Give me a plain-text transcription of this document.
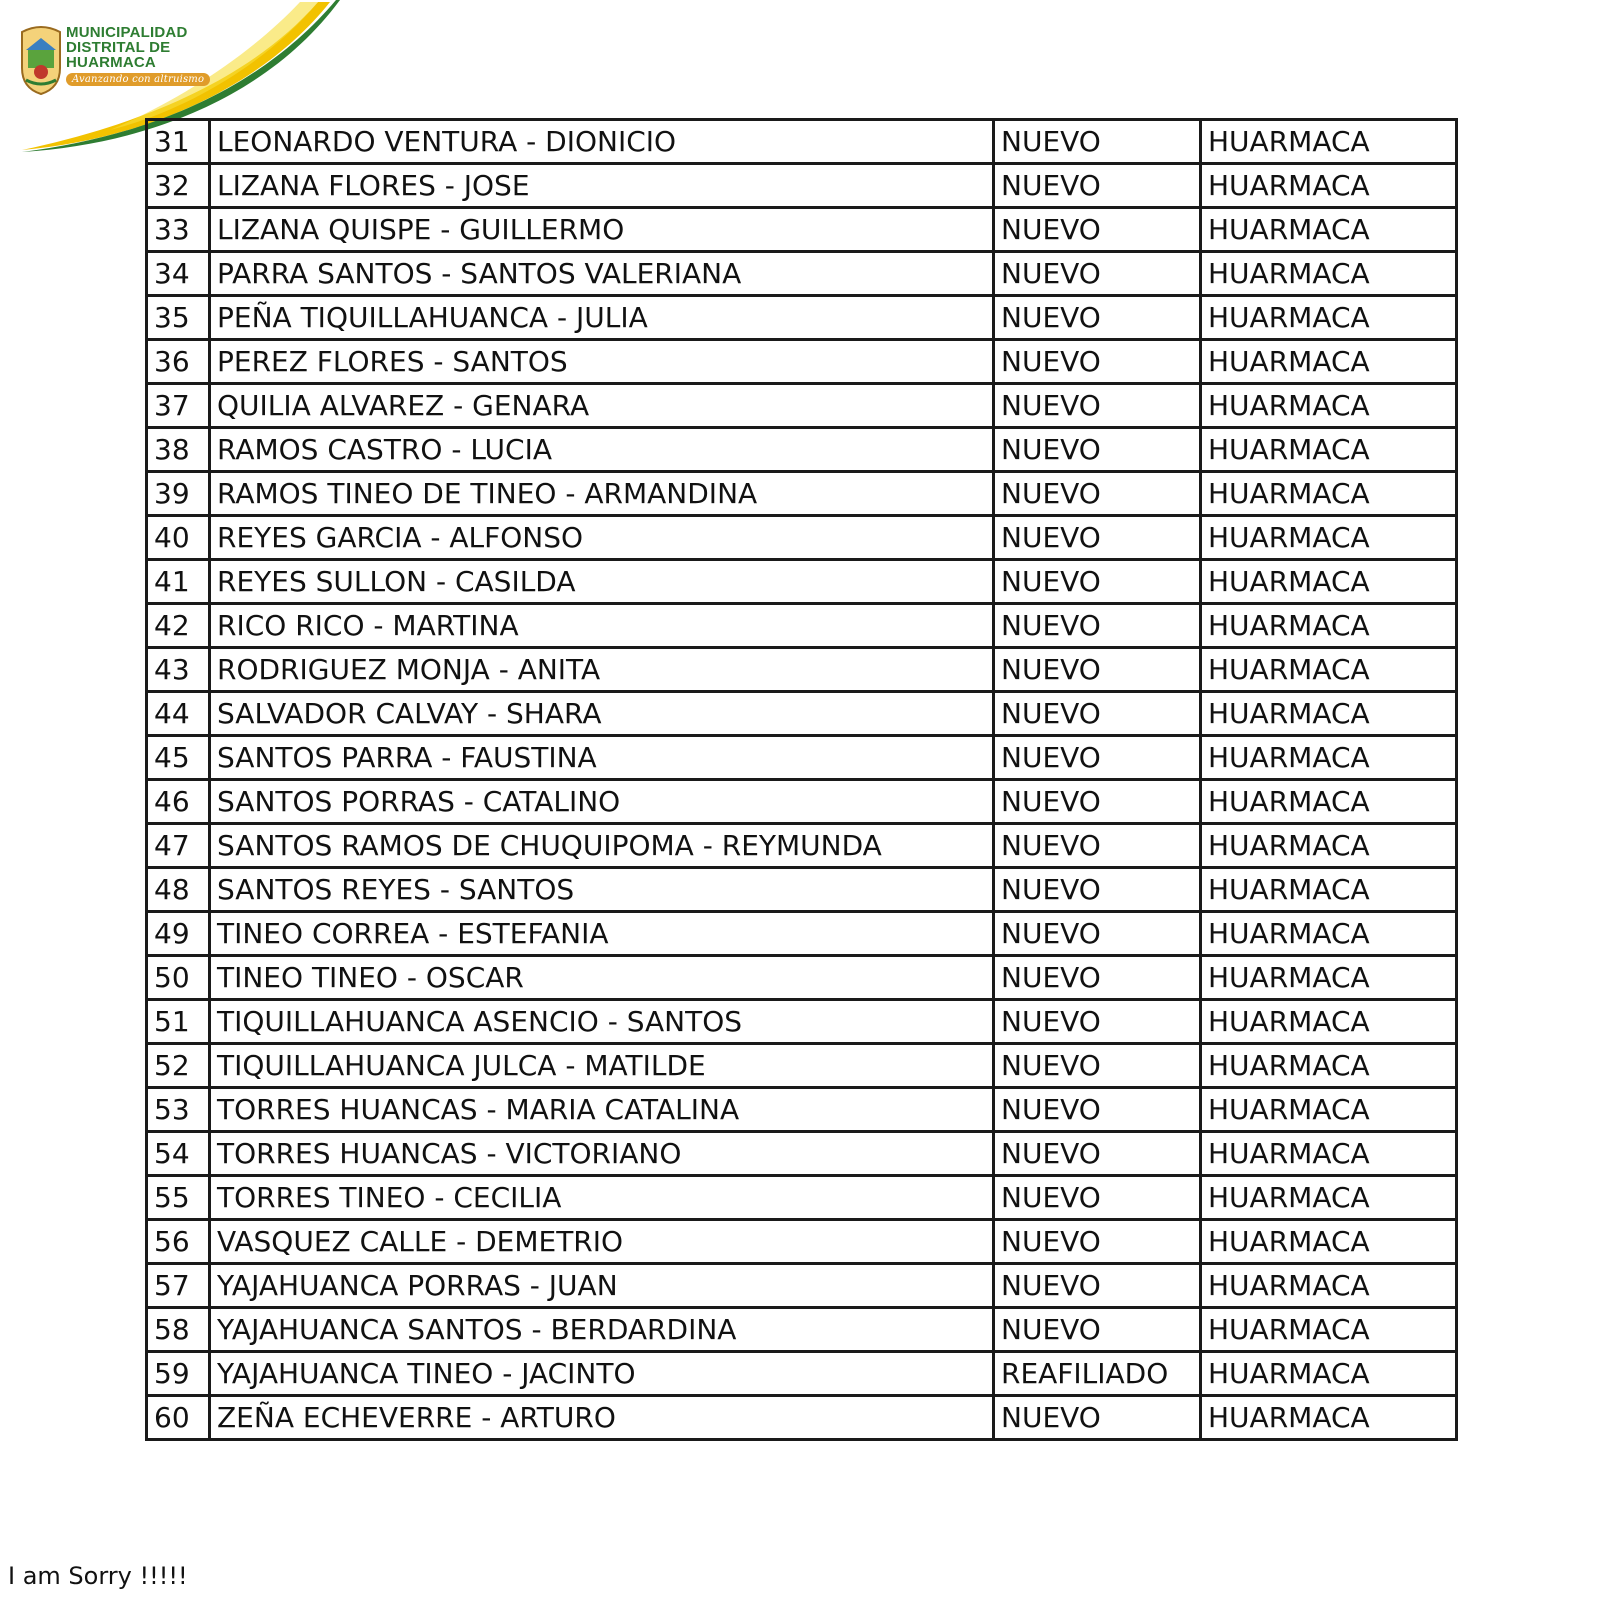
MUNICIPALIDAD
DISTRITAL DE
HUARMACA
Avanzando con altruismo
31	LEONARDO VENTURA - DIONICIO	NUEVO	HUARMACA
32	LIZANA FLORES - JOSE	NUEVO	HUARMACA
33	LIZANA QUISPE - GUILLERMO	NUEVO	HUARMACA
34	PARRA SANTOS - SANTOS VALERIANA	NUEVO	HUARMACA
35	PEÑA TIQUILLAHUANCA - JULIA	NUEVO	HUARMACA
36	PEREZ FLORES - SANTOS	NUEVO	HUARMACA
37	QUILIA ALVAREZ - GENARA	NUEVO	HUARMACA
38	RAMOS CASTRO - LUCIA	NUEVO	HUARMACA
39	RAMOS TINEO DE TINEO - ARMANDINA	NUEVO	HUARMACA
40	REYES GARCIA - ALFONSO	NUEVO	HUARMACA
41	REYES SULLON - CASILDA	NUEVO	HUARMACA
42	RICO RICO - MARTINA	NUEVO	HUARMACA
43	RODRIGUEZ MONJA - ANITA	NUEVO	HUARMACA
44	SALVADOR CALVAY - SHARA	NUEVO	HUARMACA
45	SANTOS PARRA - FAUSTINA	NUEVO	HUARMACA
46	SANTOS PORRAS - CATALINO	NUEVO	HUARMACA
47	SANTOS RAMOS DE CHUQUIPOMA - REYMUNDA	NUEVO	HUARMACA
48	SANTOS REYES - SANTOS	NUEVO	HUARMACA
49	TINEO CORREA - ESTEFANIA	NUEVO	HUARMACA
50	TINEO TINEO - OSCAR	NUEVO	HUARMACA
51	TIQUILLAHUANCA ASENCIO - SANTOS	NUEVO	HUARMACA
52	TIQUILLAHUANCA JULCA - MATILDE	NUEVO	HUARMACA
53	TORRES HUANCAS - MARIA CATALINA	NUEVO	HUARMACA
54	TORRES HUANCAS - VICTORIANO	NUEVO	HUARMACA
55	TORRES TINEO - CECILIA	NUEVO	HUARMACA
56	VASQUEZ CALLE - DEMETRIO	NUEVO	HUARMACA
57	YAJAHUANCA PORRAS - JUAN	NUEVO	HUARMACA
58	YAJAHUANCA SANTOS - BERDARDINA	NUEVO	HUARMACA
59	YAJAHUANCA TINEO - JACINTO	REAFILIADO	HUARMACA
60	ZEÑA ECHEVERRE - ARTURO	NUEVO	HUARMACA
I am Sorry !!!!!
